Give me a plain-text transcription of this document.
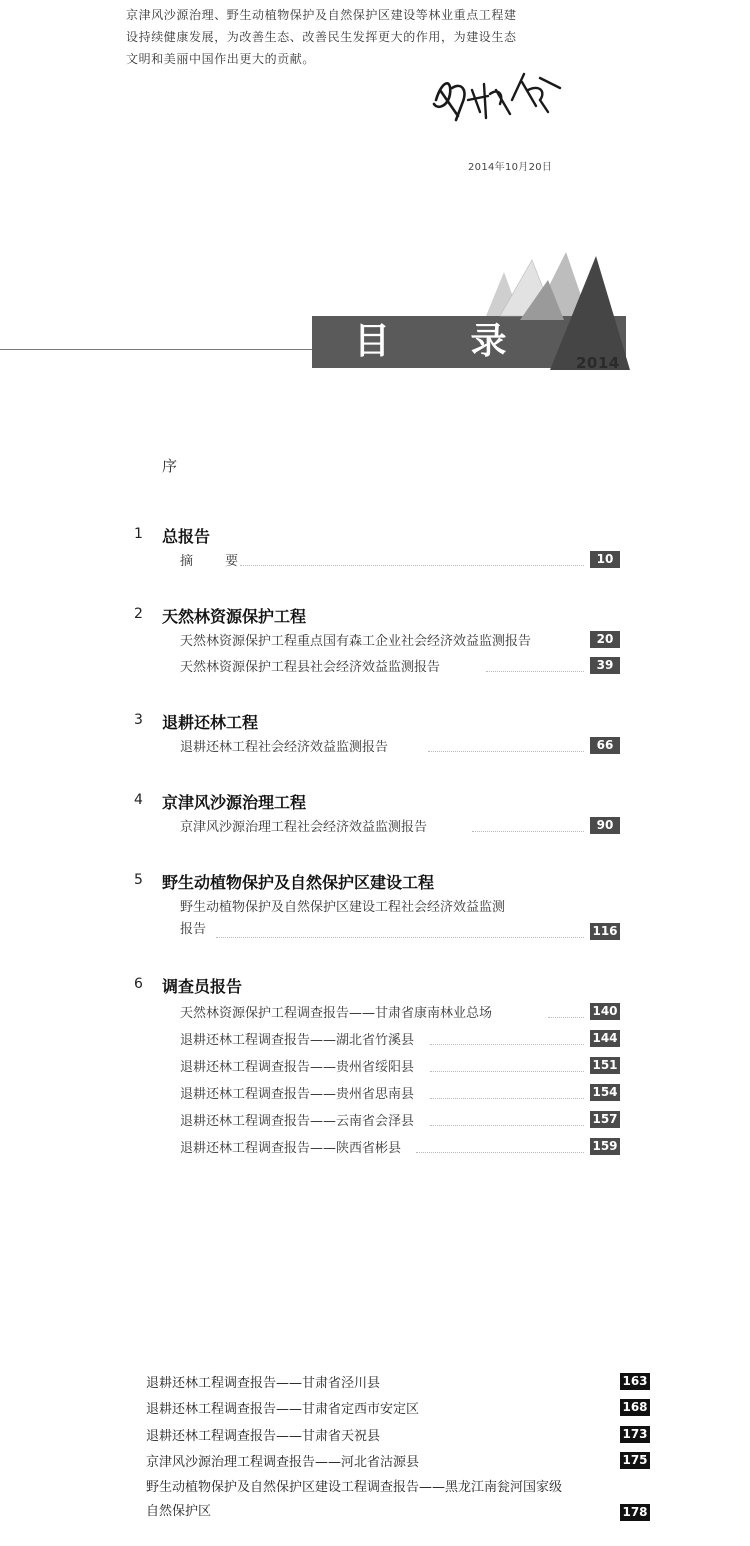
京津风沙源治理、野生动植物保护及自然保护区建设等林业重点工程建

设持续健康发展，为改善生态、改善民生发挥更大的作用，为建设生态

文明和美丽中国作出更大的贡献。

2014年10月20日
目 录
2014
序
1 总报告
摘 要	10
2 天然林资源保护工程
天然林资源保护工程重点国有森工企业社会经济效益监测报告	20
天然林资源保护工程县社会经济效益监测报告	39
3 退耕还林工程
退耕还林工程社会经济效益监测报告	66
4 京津风沙源治理工程
京津风沙源治理工程社会经济效益监测报告	90
5 野生动植物保护及自然保护区建设工程
野生动植物保护及自然保护区建设工程社会经济效益监测
报告	116
6 调查员报告
天然林资源保护工程调查报告——甘肃省康南林业总场	140
退耕还林工程调查报告——湖北省竹溪县	144
退耕还林工程调查报告——贵州省绥阳县	151
退耕还林工程调查报告——贵州省思南县	154
退耕还林工程调查报告——云南省会泽县	157
退耕还林工程调查报告——陕西省彬县	159
退耕还林工程调查报告——甘肃省泾川县	163
退耕还林工程调查报告——甘肃省定西市安定区	168
退耕还林工程调查报告——甘肃省天祝县	173
京津风沙源治理工程调查报告——河北省沽源县	175
野生动植物保护及自然保护区建设工程调查报告——黑龙江南瓮河国家级
自然保护区	178
